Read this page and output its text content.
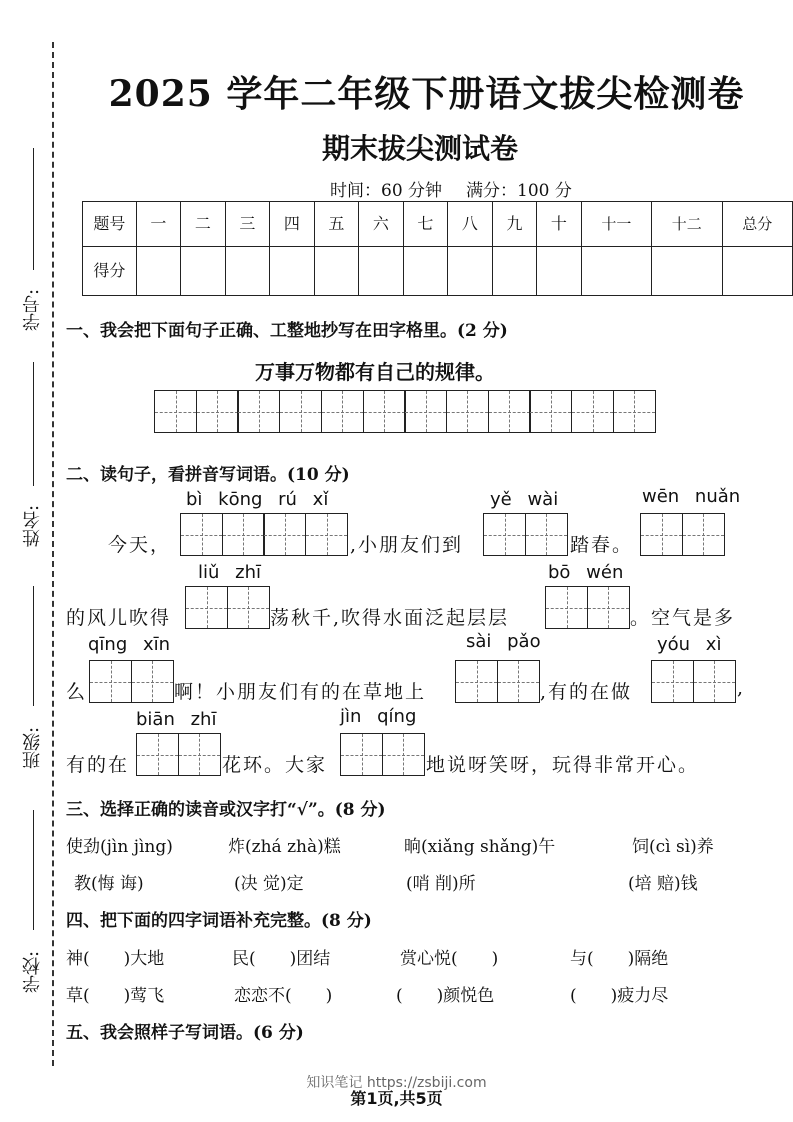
学号:
姓名:
班级:
学校:
2025 学年二年级下册语文拔尖检测卷
期末拔尖测试卷
时间：60 分钟 满分：100 分
题号	一	二	三	四	五	六	七	八	九	十	十一	十二	总分
得分													
一、我会把下面句子正确、工整地抄写在田字格里。(2 分)
万事万物都有自己的规律。
二、读句子，看拼音写词语。(10 分)
bì kōng rú xǐ	yě wài	wēn nuǎn
今天，	,小朋友们到	踏春。
liǔ zhī	bō wén
的风儿吹得	荡秋千,吹得水面泛起层层	。空气是多
qīng xīn	sài pǎo	yóu xì
么	啊！小朋友们有的在草地上	,有的在做	,
biān zhī	jìn qíng
有的在	花环。大家	地说呀笑呀，玩得非常开心。
三、选择正确的读音或汉字打“√”。(8 分)
使劲(jìn jìng)	炸(zhá zhà)糕	晌(xiǎng shǎng)午	饲(cì sì)养
教(悔 诲)	(决 觉)定	(哨 削)所	(培 赔)钱
四、把下面的四字词语补充完整。(8 分)
神(　　)大地	民(　　)团结	赏心悦(　　)	与(　　)隔绝
草(　　)莺飞	恋恋不(　　)	(　　)颜悦色	(　　)疲力尽
五、我会照样子写词语。(6 分)
知识笔记 https://zsbiji.com
第1页,共5页
